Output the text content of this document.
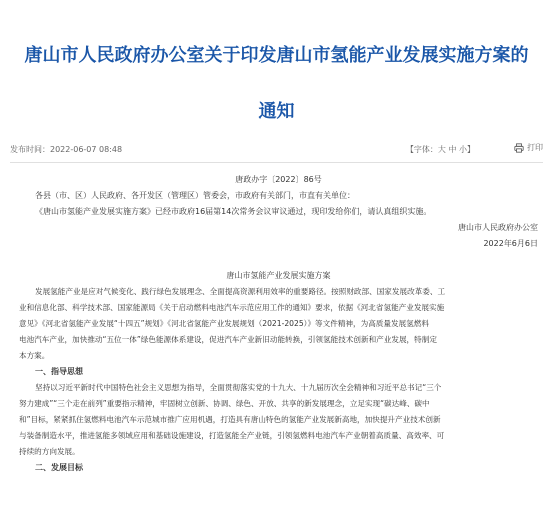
唐山市人民政府办公室关于印发唐山市氢能产业发展实施方案的
通知
发布时间：2022-06-07 08:48	【字体：大 中 小】	打印

唐政办字〔2022〕86号

各县（市、区）人民政府、各开发区（管理区）管委会，市政府有关部门，市直有关单位：

《唐山市氢能产业发展实施方案》已经市政府16届第14次常务会议审议通过，现印发给你们，请认真组织实施。

唐山市人民政府办公室

2022年6月6日

唐山市氢能产业发展实施方案

发展氢能产业是应对气候变化、践行绿色发展理念、全面提高资源利用效率的重要路径。按照财政部、国家发展改革委、工

业和信息化部、科学技术部、国家能源局《关于启动燃料电池汽车示范应用工作的通知》要求，依据《河北省氢能产业发展实施

意见》《河北省氢能产业发展“十四五”规划》《河北省氢能产业发展规划（2021-2025）》等文件精神，为高质量发展氢燃料

电池汽车产业，加快推动“五位一体”绿色能源体系建设，促进汽车产业新旧动能转换，引领氢能技术创新和产业发展，特制定

本方案。

一、指导思想

坚持以习近平新时代中国特色社会主义思想为指导，全面贯彻落实党的十九大、十九届历次全会精神和习近平总书记“三个

努力建成”“三个走在前列”重要指示精神，牢固树立创新、协调、绿色、开放、共享的新发展理念，立足实现“碳达峰、碳中

和”目标，紧紧抓住氢燃料电池汽车示范城市推广应用机遇，打造具有唐山特色的氢能产业发展新高地，加快提升产业技术创新

与装备制造水平，推进氢能多领域应用和基础设施建设，打造氢能全产业链，引领氢燃料电池汽车产业朝着高质量、高效率、可

持续的方向发展。

二、发展目标
